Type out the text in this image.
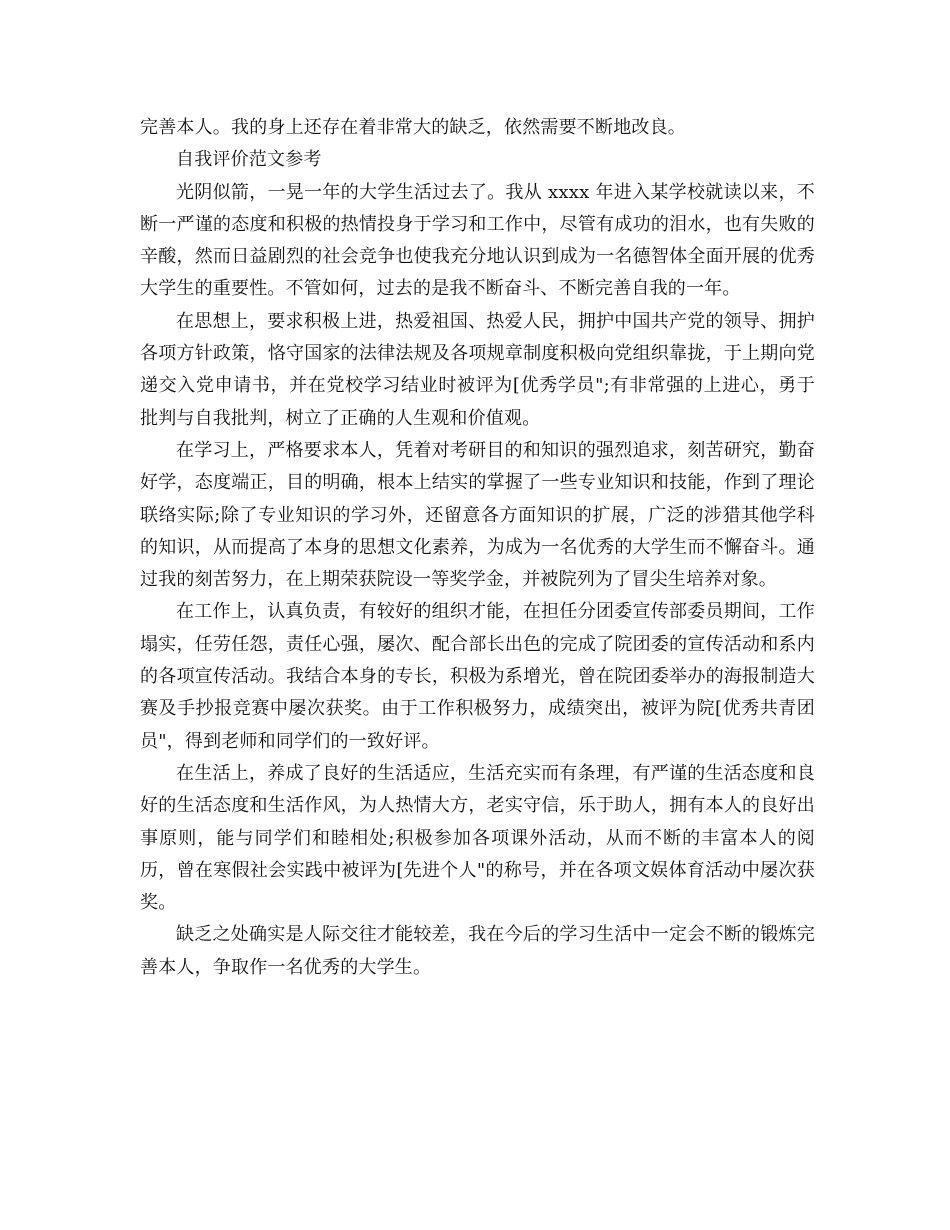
完善本人。我的身上还存在着非常大的缺乏，依然需要不断地改良。

自我评价范文参考

光阴似箭，一晃一年的大学生活过去了。我从 xxxx 年进入某学校就读以来，不断一严谨的态度和积极的热情投身于学习和工作中，尽管有成功的泪水，也有失败的辛酸，然而日益剧烈的社会竞争也使我充分地认识到成为一名德智体全面开展的优秀大学生的重要性。不管如何，过去的是我不断奋斗、不断完善自我的一年。

在思想上，要求积极上进，热爱祖国、热爱人民，拥护中国共产党的领导、拥护各项方针政策，恪守国家的法律法规及各项规章制度积极向党组织靠拢，于上期向党递交入党申请书，并在党校学习结业时被评为[优秀学员";有非常强的上进心，勇于批判与自我批判，树立了正确的人生观和价值观。

在学习上，严格要求本人，凭着对考研目的和知识的强烈追求，刻苦研究，勤奋好学，态度端正，目的明确，根本上结实的掌握了一些专业知识和技能，作到了理论联络实际;除了专业知识的学习外，还留意各方面知识的扩展，广泛的涉猎其他学科的知识，从而提高了本身的思想文化素养，为成为一名优秀的大学生而不懈奋斗。通过我的刻苦努力，在上期荣获院设一等奖学金，并被院列为了冒尖生培养对象。

在工作上，认真负责，有较好的组织才能，在担任分团委宣传部委员期间，工作塌实，任劳任怨，责任心强，屡次、配合部长出色的完成了院团委的宣传活动和系内的各项宣传活动。我结合本身的专长，积极为系增光，曾在院团委举办的海报制造大赛及手抄报竞赛中屡次获奖。由于工作积极努力，成绩突出，被评为院[优秀共青团员"，得到老师和同学们的一致好评。

在生活上，养成了良好的生活适应，生活充实而有条理，有严谨的生活态度和良好的生活态度和生活作风，为人热情大方，老实守信，乐于助人，拥有本人的良好出事原则，能与同学们和睦相处;积极参加各项课外活动，从而不断的丰富本人的阅历，曾在寒假社会实践中被评为[先进个人"的称号，并在各项文娱体育活动中屡次获奖。

缺乏之处确实是人际交往才能较差，我在今后的学习生活中一定会不断的锻炼完善本人，争取作一名优秀的大学生。
